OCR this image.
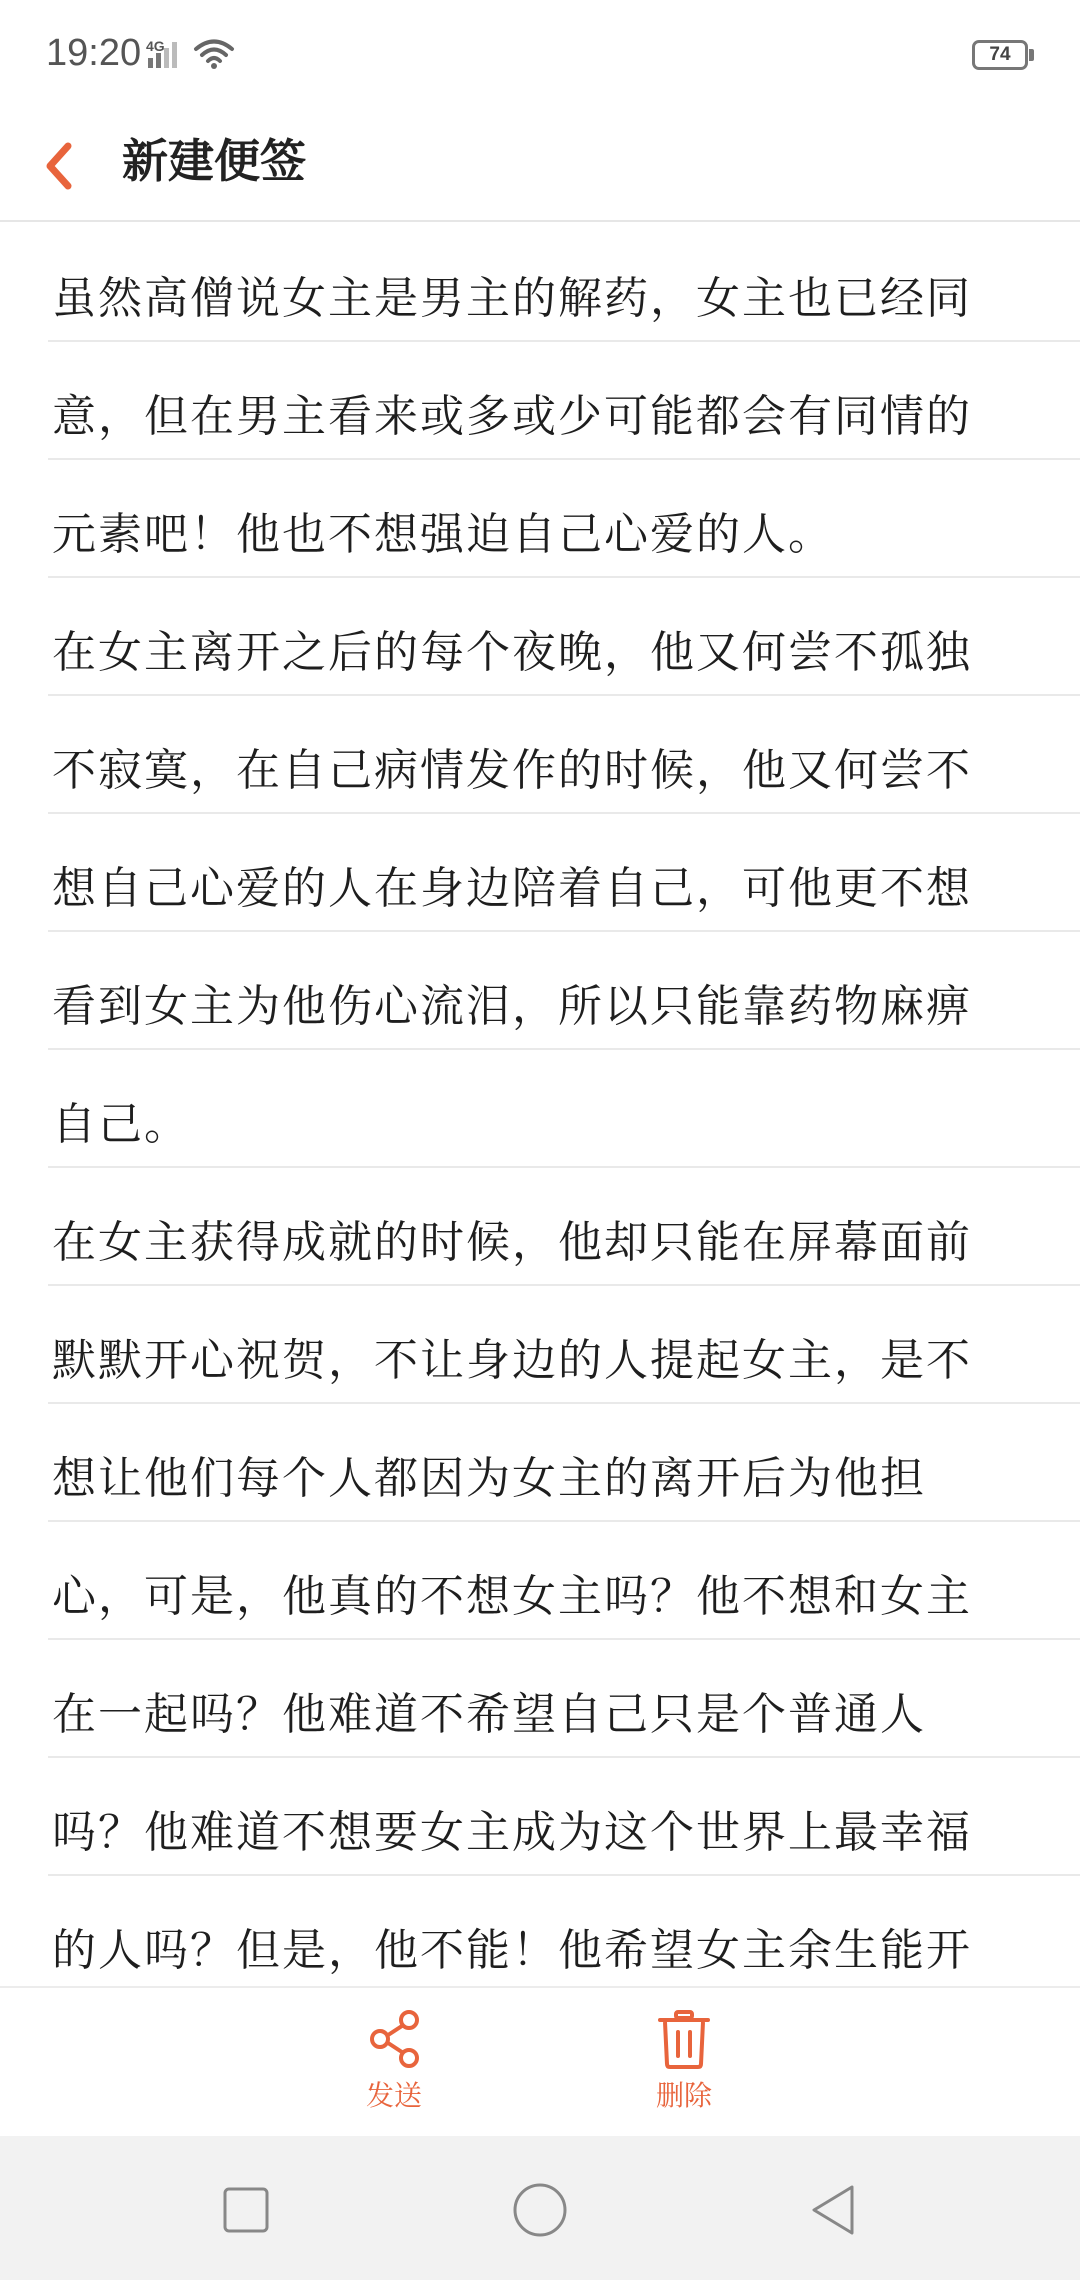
19:20 4G	74
新建便签
虽然高僧说女主是男主的解药，女主也已经同
意，但在男主看来或多或少可能都会有同情的
元素吧！他也不想强迫自己心爱的人。
在女主离开之后的每个夜晚，他又何尝不孤独
不寂寞，在自己病情发作的时候，他又何尝不
想自己心爱的人在身边陪着自己，可他更不想
看到女主为他伤心流泪，所以只能靠药物麻痹
自己。
在女主获得成就的时候，他却只能在屏幕面前
默默开心祝贺，不让身边的人提起女主，是不
想让他们每个人都因为女主的离开后为他担
心，可是，他真的不想女主吗？他不想和女主
在一起吗？他难道不希望自己只是个普通人
吗？他难道不想要女主成为这个世界上最幸福
的人吗？但是，他不能！他希望女主余生能开
发送	删除
